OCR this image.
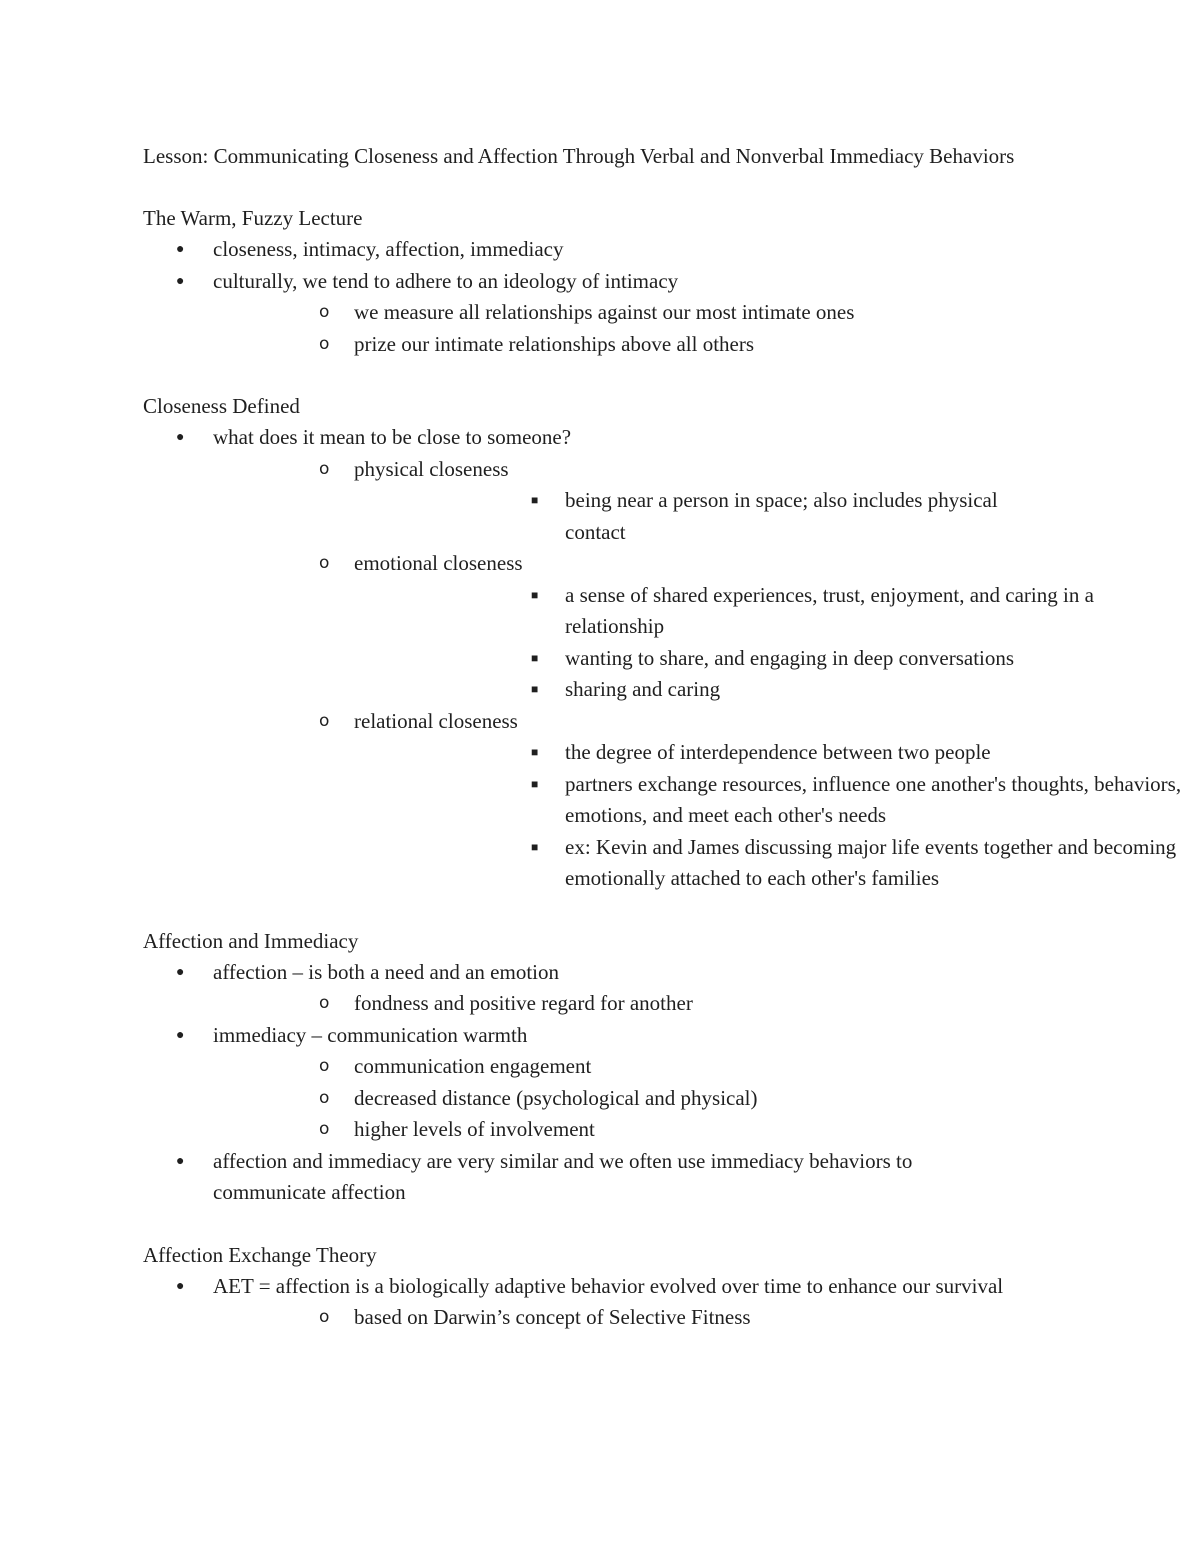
Lesson: Communicating Closeness and Affection Through Verbal and Nonverbal Immediacy Behaviors

The Warm, Fuzzy Lecture

● closeness, intimacy, affection, immediacy
● culturally, we tend to adhere to an ideology of intimacy
o we measure all relationships against our most intimate ones
o prize our intimate relationships above all others

Closeness Defined

● what does it mean to be close to someone?
o physical closeness
■ being near a person in space; also includes physical contact
o emotional closeness
■ a sense of shared experiences, trust, enjoyment, and caring in a relationship
■ wanting to share, and engaging in deep conversations
■ sharing and caring
o relational closeness
■ the degree of interdependence between two people
■ partners exchange resources, influence one another's thoughts, behaviors, emotions, and meet each other's needs
■ ex: Kevin and James discussing major life events together and becoming emotionally attached to each other's families

Affection and Immediacy

● affection – is both a need and an emotion
o fondness and positive regard for another
● immediacy – communication warmth
o communication engagement
o decreased distance (psychological and physical)
o higher levels of involvement
● affection and immediacy are very similar and we often use immediacy behaviors to communicate affection

Affection Exchange Theory

● AET = affection is a biologically adaptive behavior evolved over time to enhance our survival
o based on Darwin’s concept of Selective Fitness
